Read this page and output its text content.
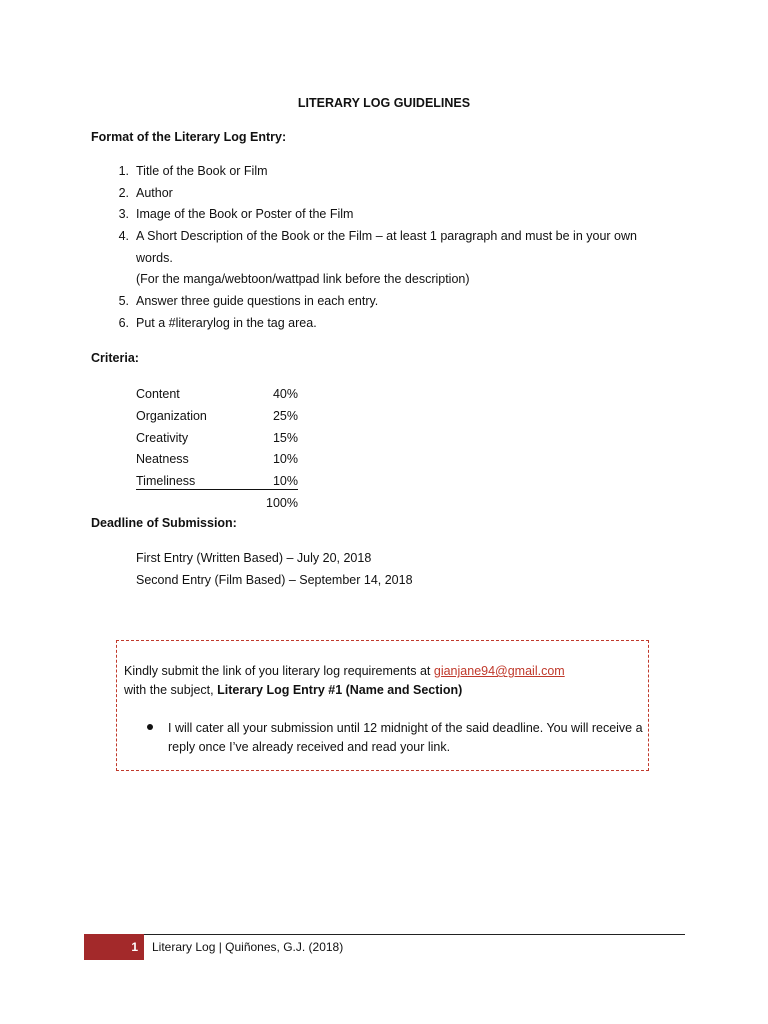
LITERARY LOG GUIDELINES
Format of the Literary Log Entry:
1. Title of the Book or Film
2. Author
3. Image of the Book or Poster of the Film
4. A Short Description of the Book or the Film – at least 1 paragraph and must be in your own words.
(For the manga/webtoon/wattpad link before the description)
5. Answer three guide questions in each entry.
6. Put a #literarylog in the tag area.
Criteria:
Content	40%
Organization	25%
Creativity	15%
Neatness	10%
Timeliness	10%
100%
Deadline of Submission:
First Entry (Written Based) – July 20, 2018
Second Entry (Film Based) – September 14, 2018
Kindly submit the link of you literary log requirements at gianjane94@gmail.com
with the subject, Literary Log Entry #1 (Name and Section)
I will cater all your submission until 12 midnight of the said deadline. You will receive a reply once I’ve already received and read your link.
1 Literary Log | Quiñones, G.J. (2018)
